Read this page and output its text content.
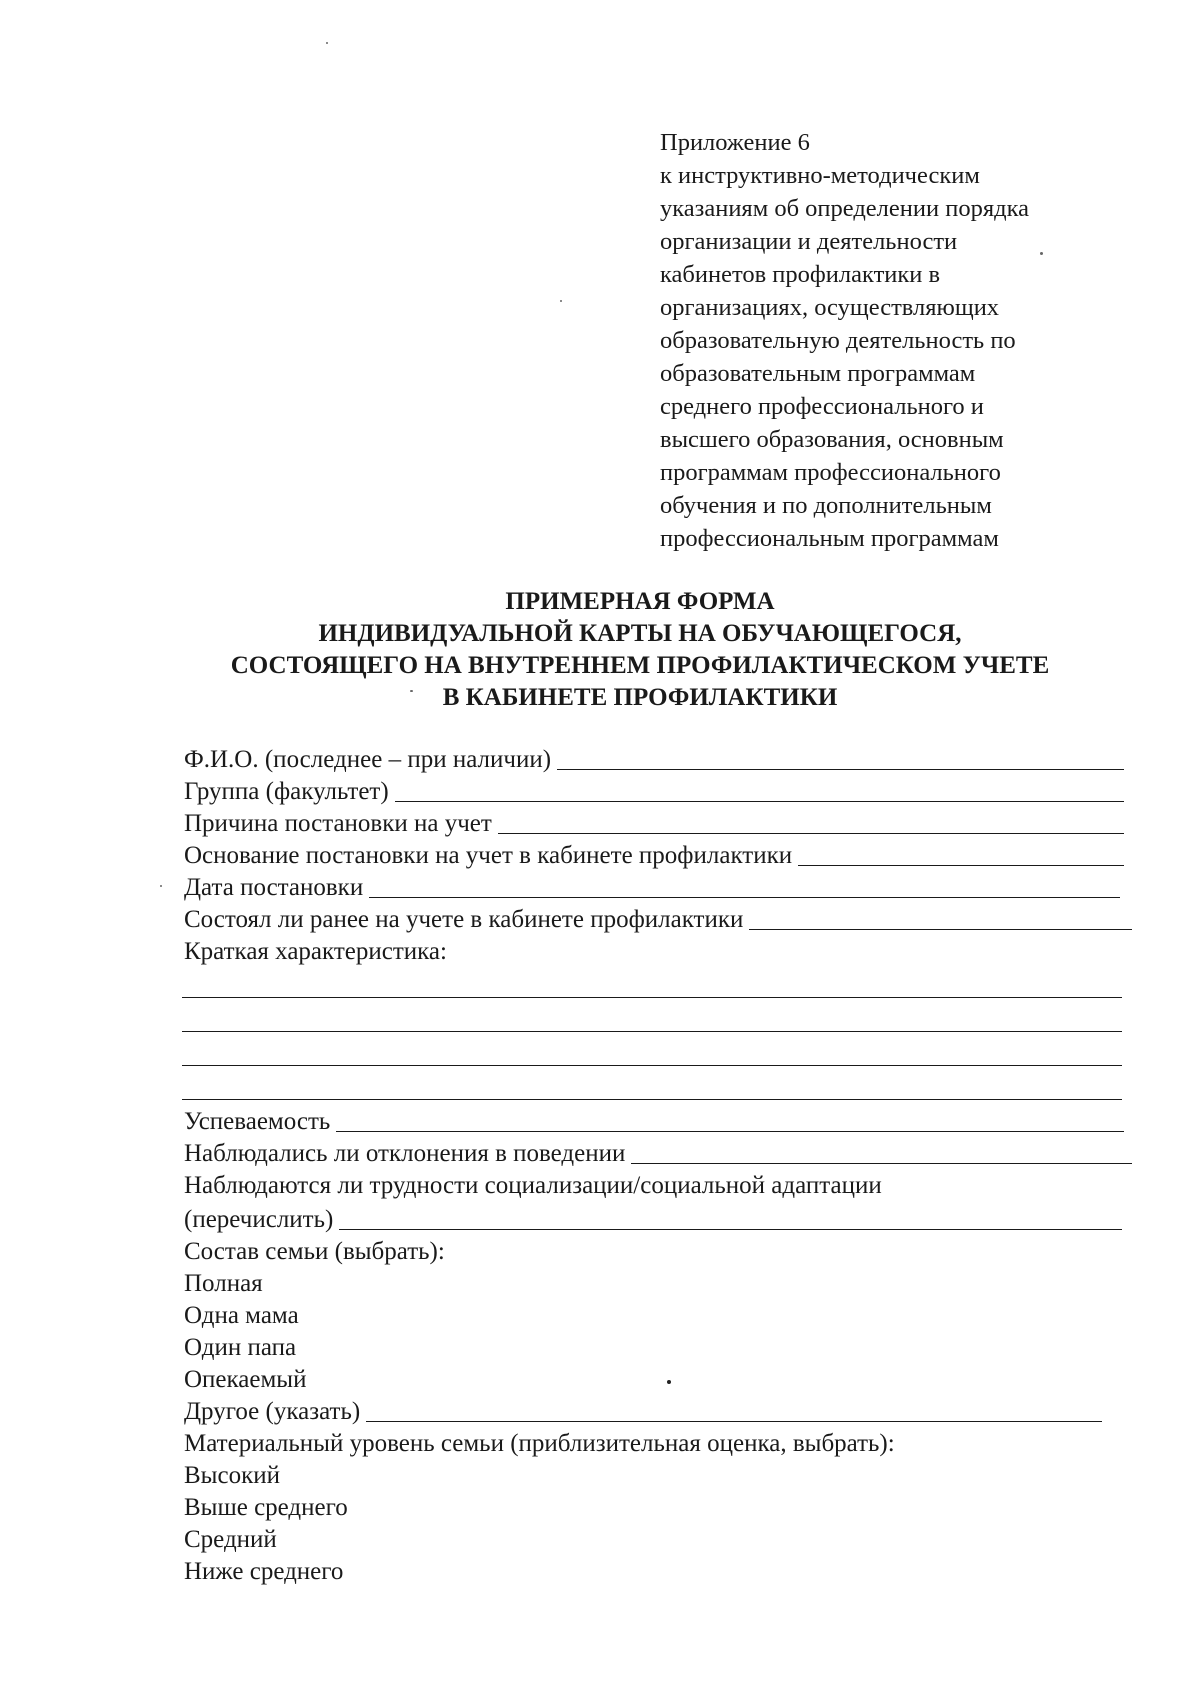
Приложение 6
к инструктивно-методическим
указаниям об определении порядка
организации и деятельности
кабинетов профилактики в
организациях, осуществляющих
образовательную деятельность по
образовательным программам
среднего профессионального и
высшего образования, основным
программам профессионального
обучения и по дополнительным
профессиональным программам
ПРИМЕРНАЯ ФОРМА
ИНДИВИДУАЛЬНОЙ КАРТЫ НА ОБУЧАЮЩЕГОСЯ,
СОСТОЯЩЕГО НА ВНУТРЕННЕМ ПРОФИЛАКТИЧЕСКОМ УЧЕТЕ
В КАБИНЕТЕ ПРОФИЛАКТИКИ
Ф.И.О. (последнее – при наличии)
Группа (факультет)
Причина постановки на учет
Основание постановки на учет в кабинете профилактики
Дата постановки
Состоял ли ранее на учете в кабинете профилактики
Краткая характеристика:
Успеваемость
Наблюдались ли отклонения в поведении
Наблюдаются ли трудности социализации/социальной адаптации
(перечислить)
Состав семьи (выбрать):
Полная
Одна мама
Один папа
Опекаемый
Другое (указать)
Материальный уровень семьи (приблизительная оценка, выбрать):
Высокий
Выше среднего
Средний
Ниже среднего
